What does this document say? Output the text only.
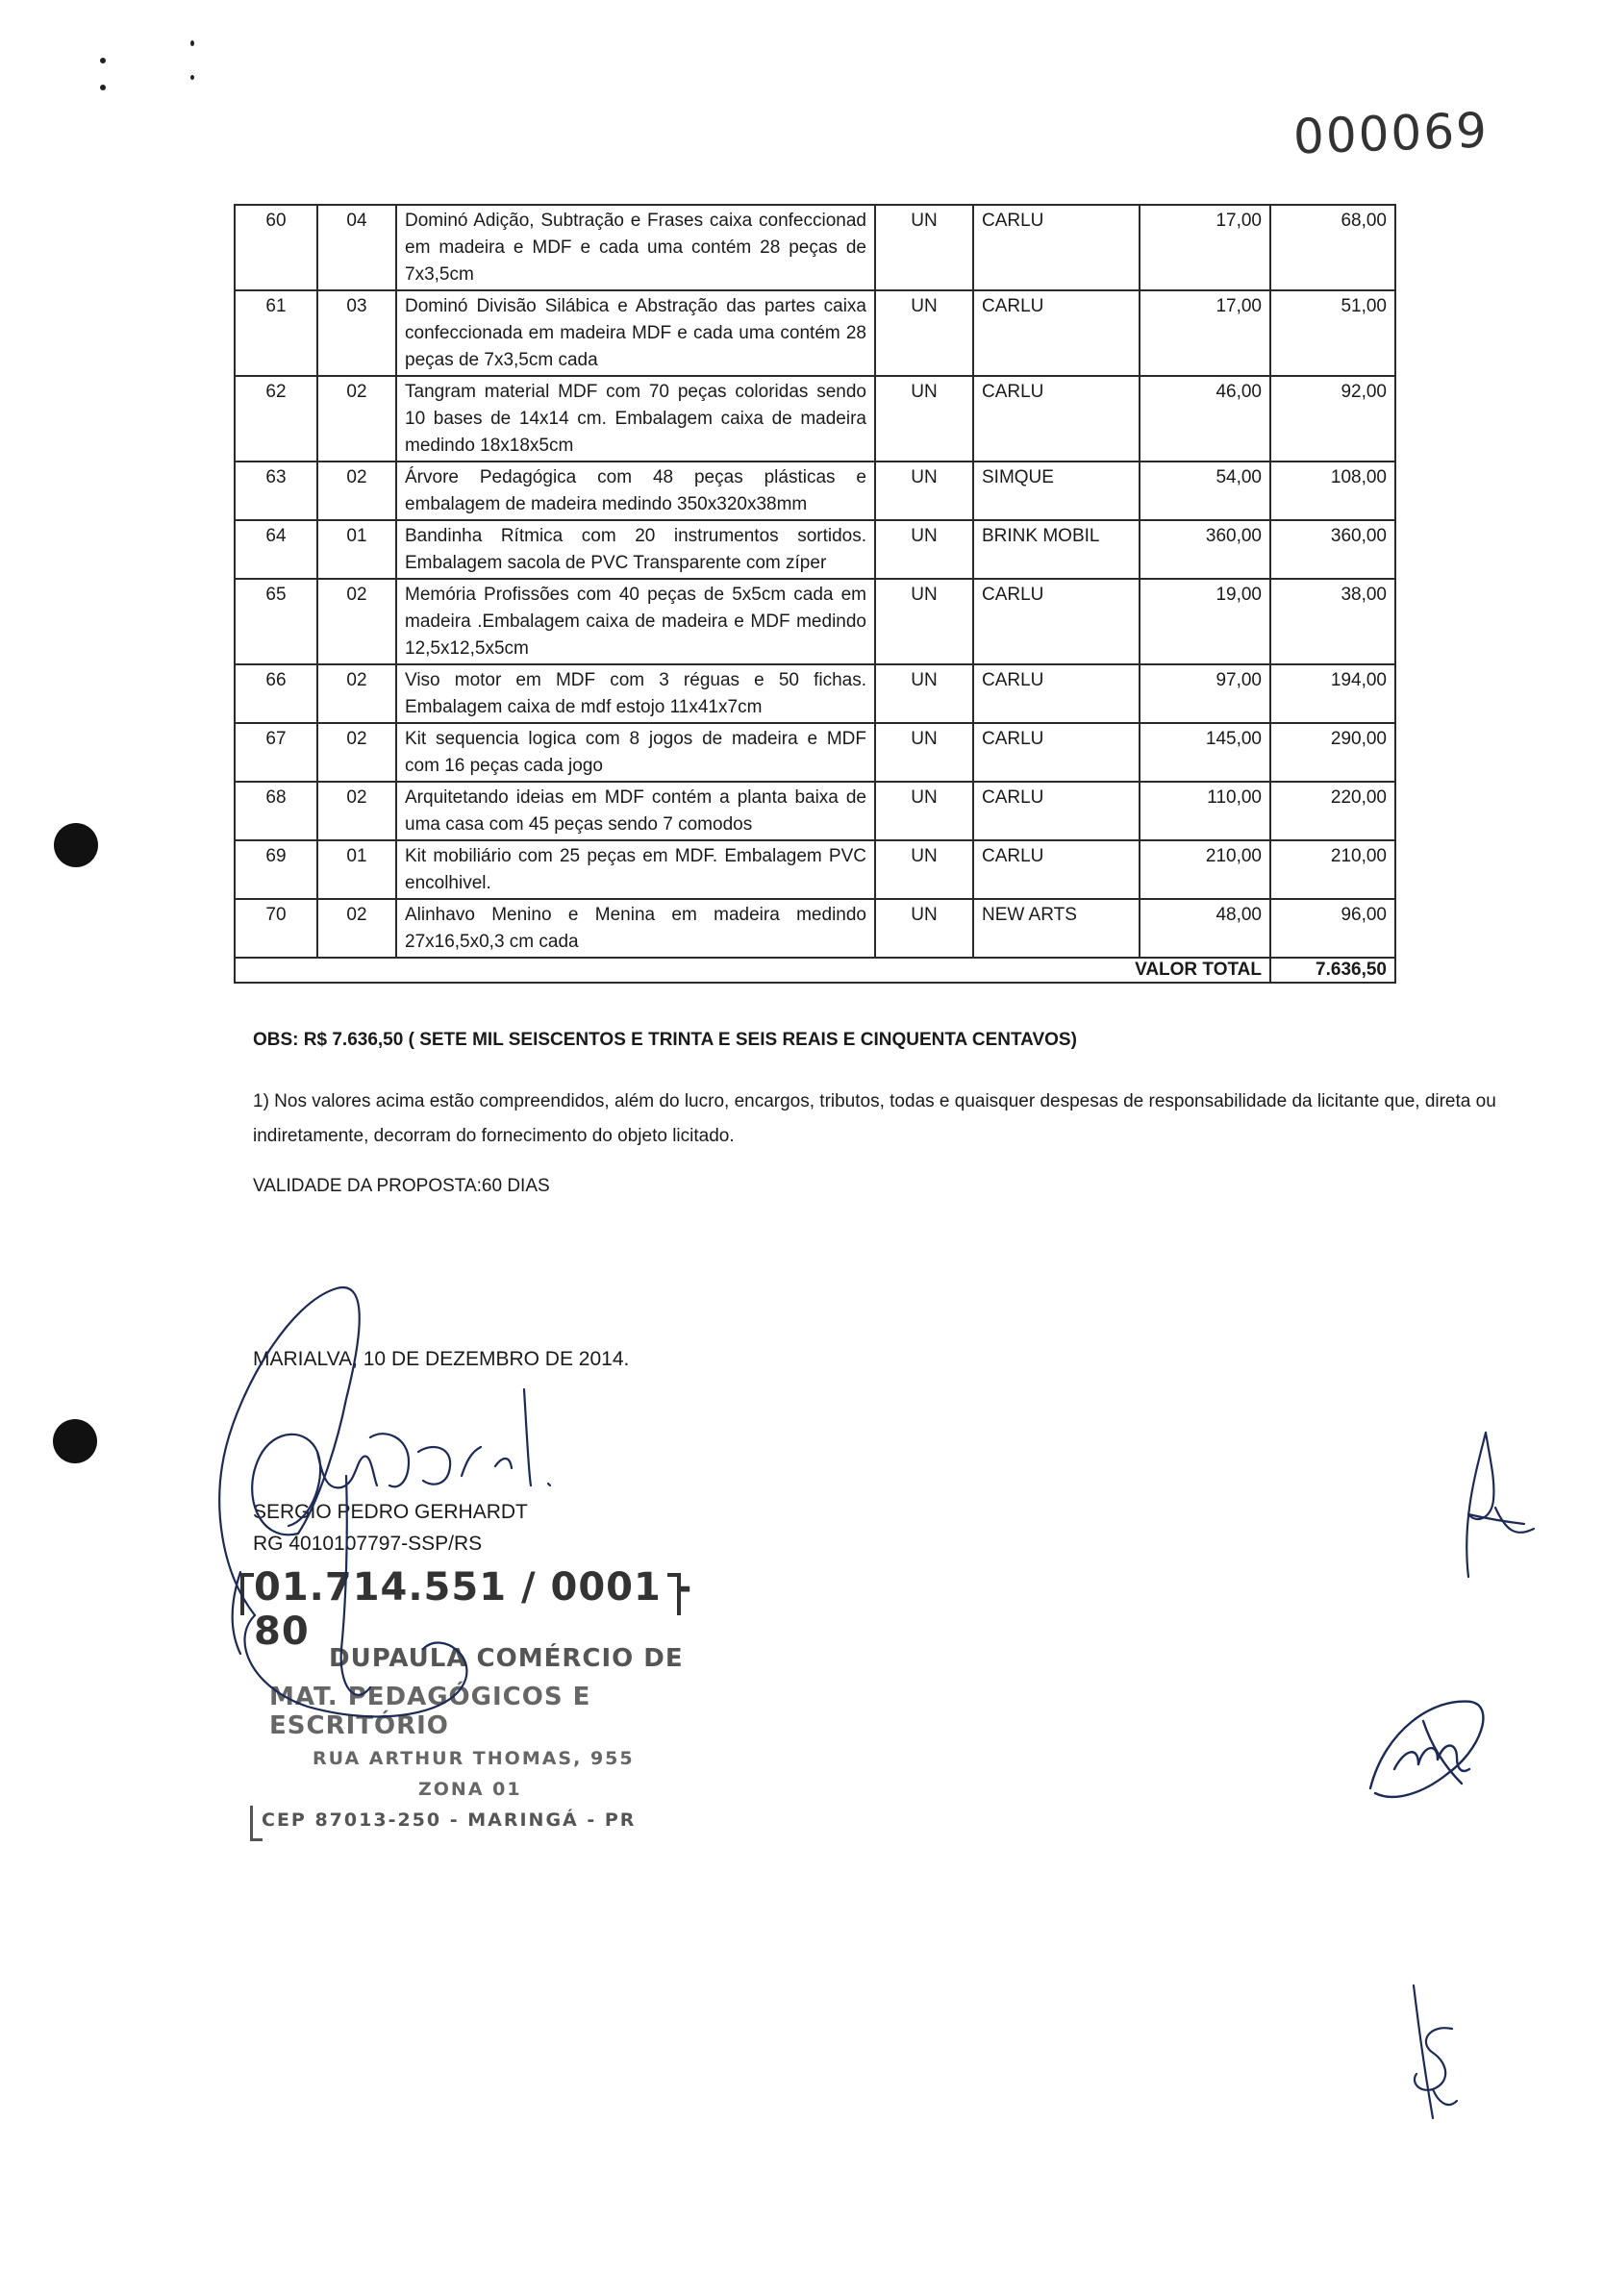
000069
60	04	Dominó Adição, Subtração e Frases caixa confeccionad em madeira e MDF e cada uma contém 28 peças de 7x3,5cm	UN	CARLU	17,00	68,00
61	03	Dominó Divisão Silábica e Abstração das partes caixa confeccionada em madeira MDF e cada uma contém 28 peças de 7x3,5cm cada	UN	CARLU	17,00	51,00
62	02	Tangram material MDF com 70 peças coloridas sendo 10 bases de 14x14 cm. Embalagem caixa de madeira medindo 18x18x5cm	UN	CARLU	46,00	92,00
63	02	Árvore Pedagógica com 48 peças plásticas e embalagem de madeira medindo 350x320x38mm	UN	SIMQUE	54,00	108,00
64	01	Bandinha Rítmica com 20 instrumentos sortidos. Embalagem sacola de PVC Transparente com zíper	UN	BRINK MOBIL	360,00	360,00
65	02	Memória Profissões com 40 peças de 5x5cm cada em madeira .Embalagem caixa de madeira e MDF medindo 12,5x12,5x5cm	UN	CARLU	19,00	38,00
66	02	Viso motor em MDF com 3 réguas e 50 fichas. Embalagem caixa de mdf estojo 11x41x7cm	UN	CARLU	97,00	194,00
67	02	Kit sequencia logica com 8 jogos de madeira e MDF com 16 peças cada jogo	UN	CARLU	145,00	290,00
68	02	Arquitetando ideias em MDF contém a planta baixa de uma casa com 45 peças sendo 7 comodos	UN	CARLU	110,00	220,00
69	01	Kit mobiliário com 25 peças em MDF. Embalagem PVC encolhivel.	UN	CARLU	210,00	210,00
70	02	Alinhavo Menino e Menina em madeira medindo 27x16,5x0,3 cm cada	UN	NEW ARTS	48,00	96,00
VALOR TOTAL						7.636,50
OBS: R$ 7.636,50 ( SETE MIL SEISCENTOS E TRINTA E SEIS REAIS E CINQUENTA CENTAVOS)
1) Nos valores acima estão compreendidos, além do lucro, encargos, tributos, todas e quaisquer despesas de responsabilidade da licitante que, direta ou indiretamente, decorram do fornecimento do objeto licitado.
VALIDADE DA PROPOSTA:60 DIAS
MARIALVA, 10 DE DEZEMBRO DE 2014.
SERGIO PEDRO GERHARDT
RG 4010107797-SSP/RS
01.714.551 / 0001 - 80
DUPAULA COMÉRCIO DE
MAT. PEDAGÓGICOS E ESCRITÓRIO
RUA ARTHUR THOMAS, 955
ZONA 01
CEP 87013-250 - MARINGÁ - PR
